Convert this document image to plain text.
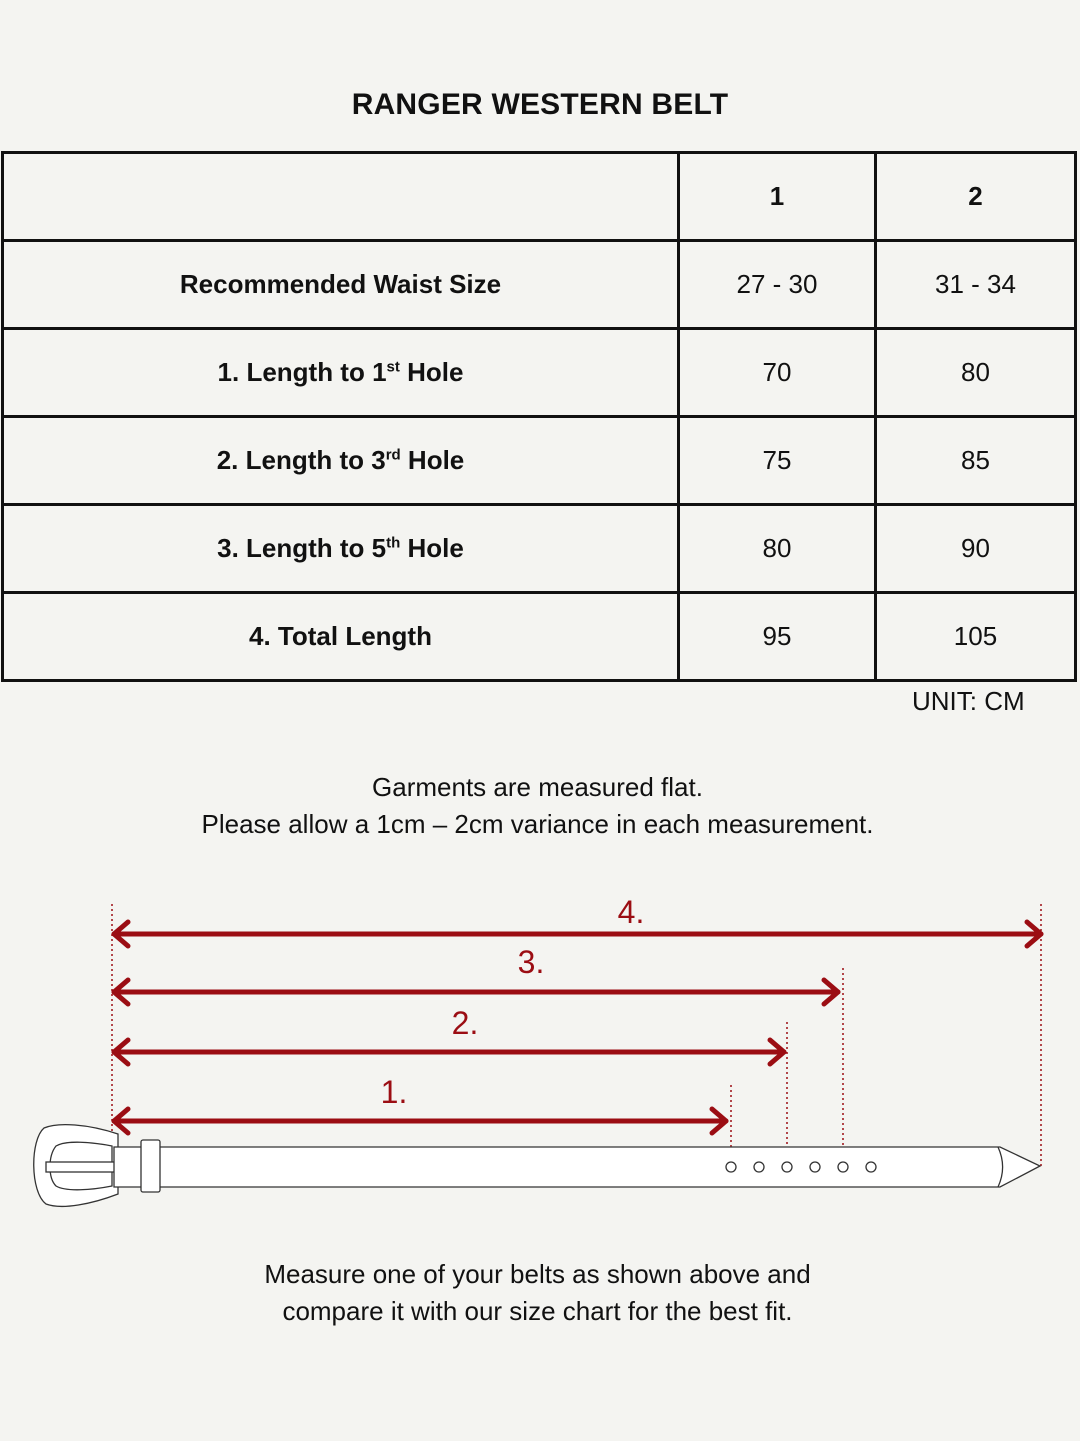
RANGER WESTERN BELT
	1	2
Recommended Waist Size	27 - 30	31 - 34
1. Length to 1st Hole	70	80
2. Length to 3rd Hole	75	85
3. Length to 5th Hole	80	90
4. Total Length	95	105
UNIT: CM
Garments are measured flat.
Please allow a 1cm – 2cm variance in each measurement.
1.
2.
3.
4.
Measure one of your belts as shown above and
compare it with our size chart for the best fit.
